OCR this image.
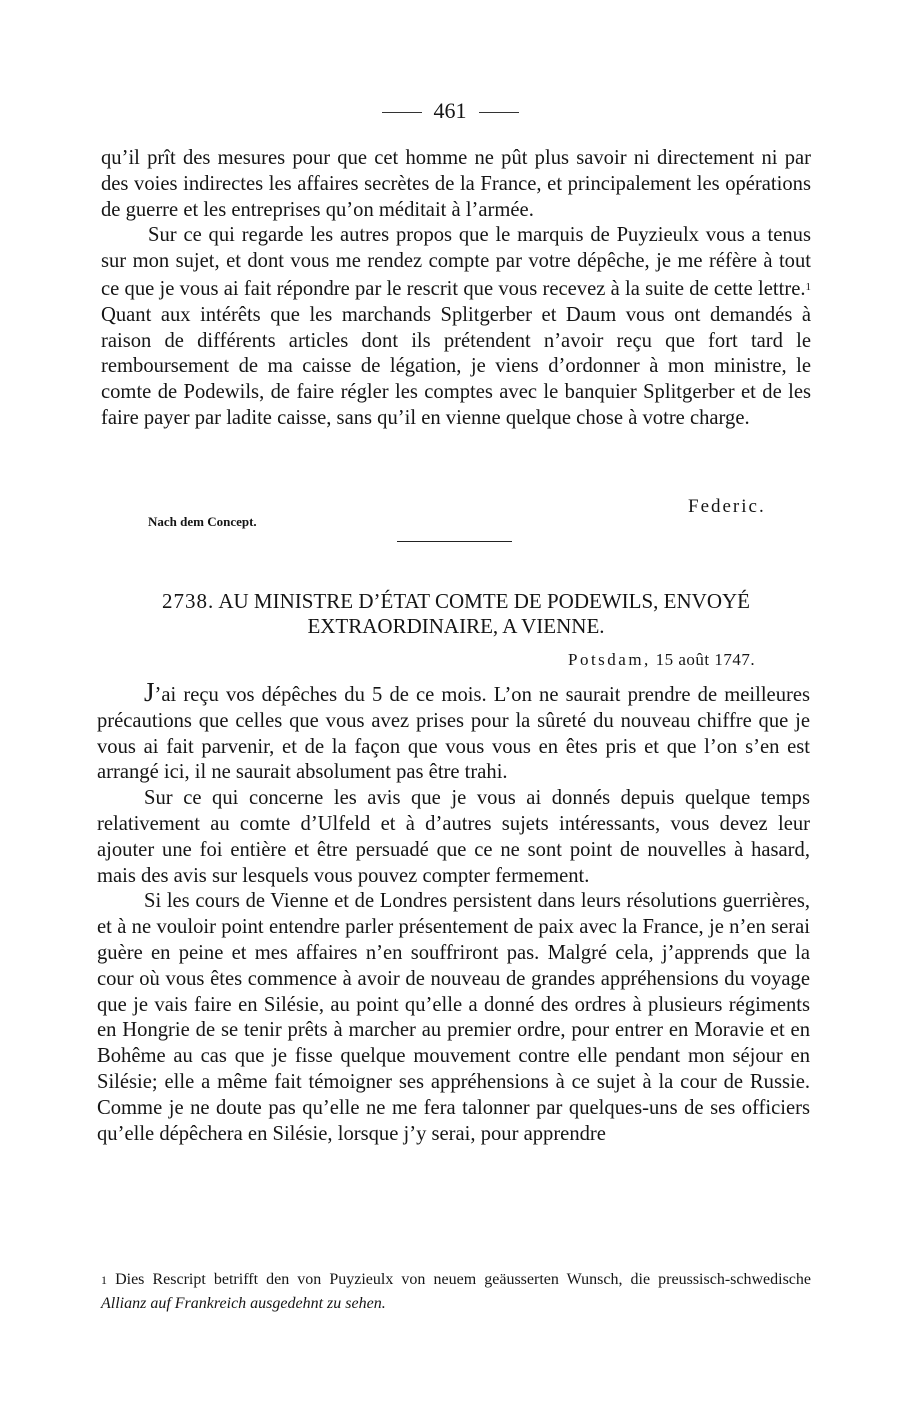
461

qu’il prît des mesures pour que cet homme ne pût plus savoir ni directement ni par des voies indirectes les affaires secrètes de la France, et principalement les opérations de guerre et les entreprises qu’on méditait à l’armée.

Sur ce qui regarde les autres propos que le marquis de Puyzieulx vous a tenus sur mon sujet, et dont vous me rendez compte par votre dépêche, je me réfère à tout ce que je vous ai fait répondre par le rescrit que vous recevez à la suite de cette lettre.$^1$ Quant aux intérêts que les marchands Splitgerber et Daum vous ont demandés à raison de différents articles dont ils prétendent n’avoir reçu que fort tard le remboursement de ma caisse de légation, je viens d’ordonner à mon ministre, le comte de Podewils, de faire régler les comptes avec le banquier Splitgerber et de les faire payer par ladite caisse, sans qu’il en vienne quelque chose à votre charge.

Federic.
Nach dem Concept.
2738. AU MINISTRE D’ÉTAT COMTE DE PODEWILS, ENVOYÉ
EXTRAORDINAIRE, A VIENNE.
Potsdam, 15 août 1747.

J’ai reçu vos dépêches du 5 de ce mois. L’on ne saurait prendre de meilleures précautions que celles que vous avez prises pour la sûreté du nouveau chiffre que je vous ai fait parvenir, et de la façon que vous vous en êtes pris et que l’on s’en est arrangé ici, il ne saurait absolument pas être trahi.

Sur ce qui concerne les avis que je vous ai donnés depuis quelque temps relativement au comte d’Ulfeld et à d’autres sujets intéressants, vous devez leur ajouter une foi entière et être persuadé que ce ne sont point de nouvelles à hasard, mais des avis sur lesquels vous pouvez compter fermement.

Si les cours de Vienne et de Londres persistent dans leurs résolutions guerrières, et à ne vouloir point entendre parler présentement de paix avec la France, je n’en serai guère en peine et mes affaires n’en souffriront pas. Malgré cela, j’apprends que la cour où vous êtes commence à avoir de nouveau de grandes appréhensions du voyage que je vais faire en Silésie, au point qu’elle a donné des ordres à plusieurs régiments en Hongrie de se tenir prêts à marcher au premier ordre, pour entrer en Moravie et en Bohême au cas que je fisse quelque mouvement contre elle pendant mon séjour en Silésie; elle a même fait témoigner ses appréhensions à ce sujet à la cour de Russie. Comme je ne doute pas qu’elle ne me fera talonner par quelques-uns de ses officiers qu’elle dépêchera en Silésie, lorsque j’y serai, pour apprendre

1 Dies Rescript betrifft den von Puyzieulx von neuem geäusserten Wunsch, die preussisch-schwedische Allianz auf Frankreich ausgedehnt zu sehen.
